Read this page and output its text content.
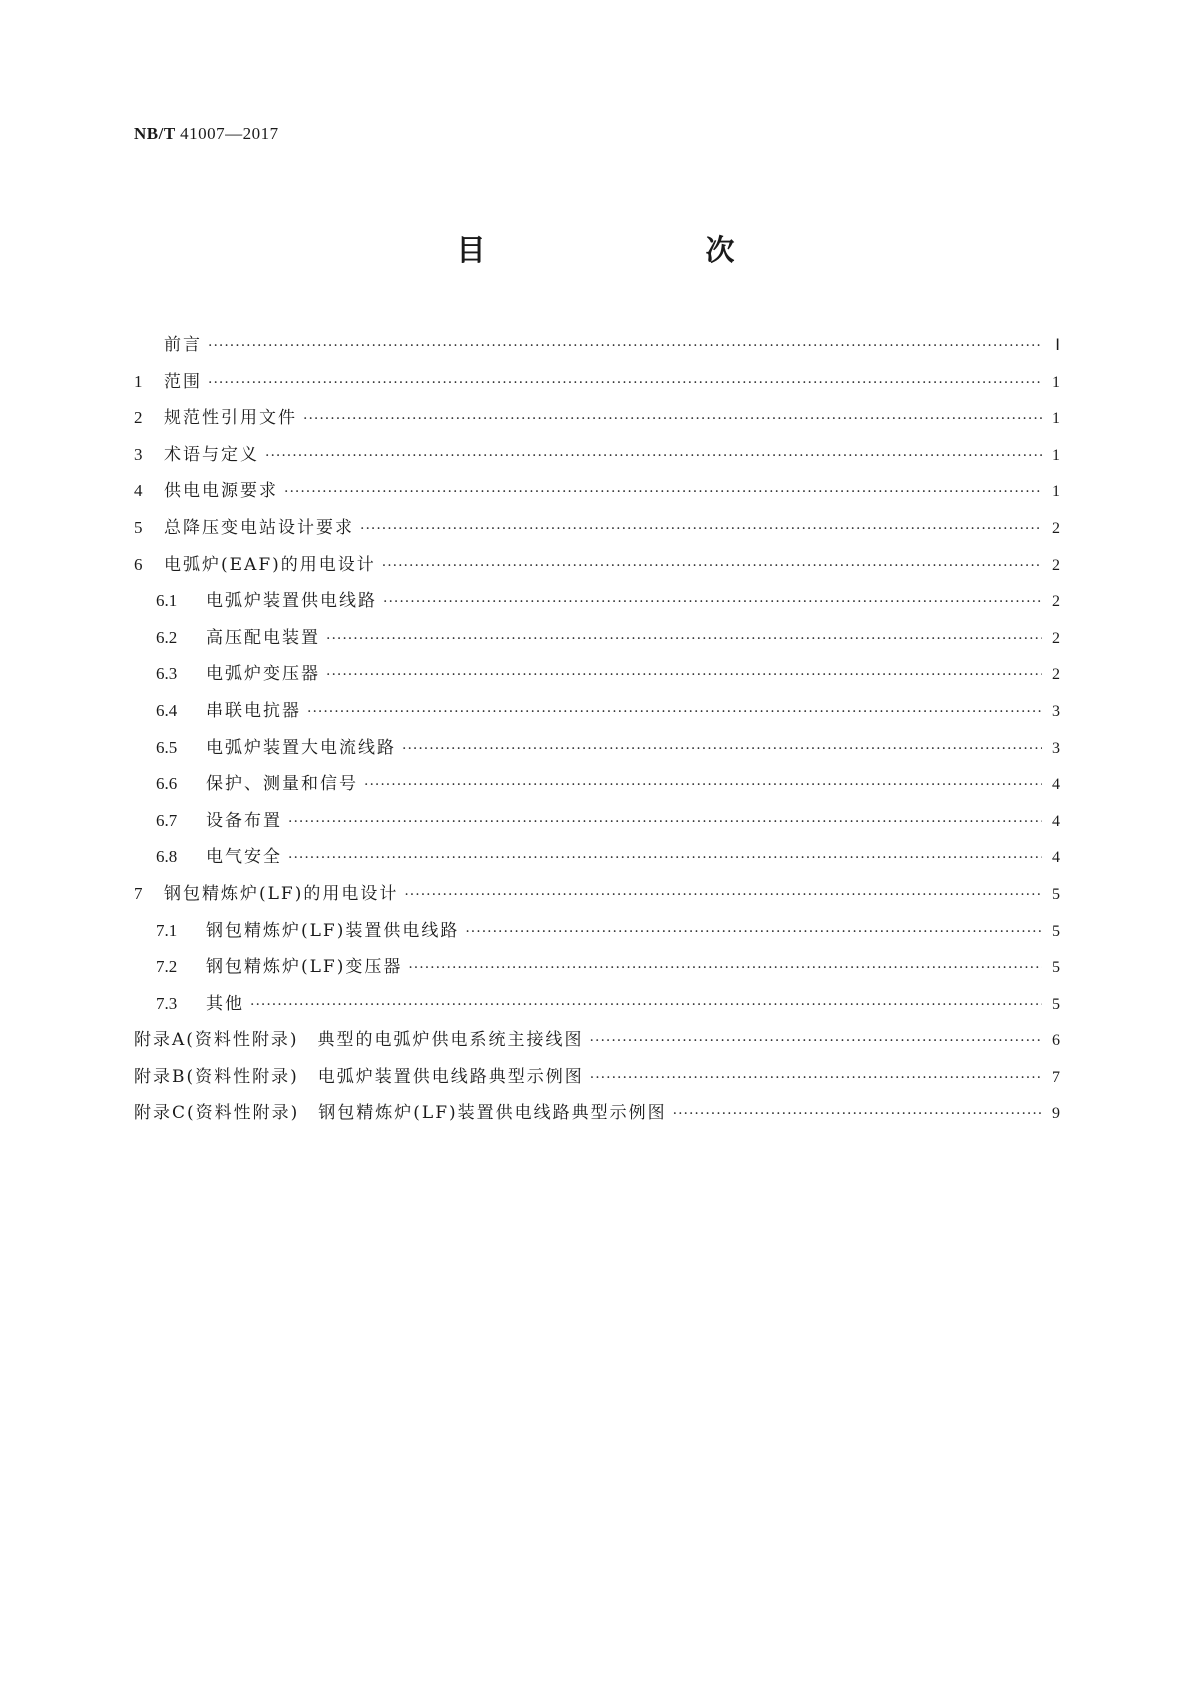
NB/T 41007—2017
目　　次
前言 ·····	Ⅰ
1	范围 ·····	1
2	规范性引用文件 ·····	1
3	术语与定义 ·····	1
4	供电电源要求 ·····	1
5	总降压变电站设计要求 ·····	2
6	电弧炉(EAF)的用电设计 ·····	2
6.1	电弧炉装置供电线路 ·····	2
6.2	高压配电装置 ·····	2
6.3	电弧炉变压器 ·····	2
6.4	串联电抗器 ·····	3
6.5	电弧炉装置大电流线路 ·····	3
6.6	保护、测量和信号 ·····	4
6.7	设备布置 ·····	4
6.8	电气安全 ·····	4
7	钢包精炼炉(LF)的用电设计 ·····	5
7.1	钢包精炼炉(LF)装置供电线路 ·····	5
7.2	钢包精炼炉(LF)变压器 ·····	5
7.3	其他 ·····	5
附录A(资料性附录)　典型的电弧炉供电系统主接线图 ·····	6
附录B(资料性附录)　电弧炉装置供电线路典型示例图 ·····	7
附录C(资料性附录)　钢包精炼炉(LF)装置供电线路典型示例图 ·····	9
